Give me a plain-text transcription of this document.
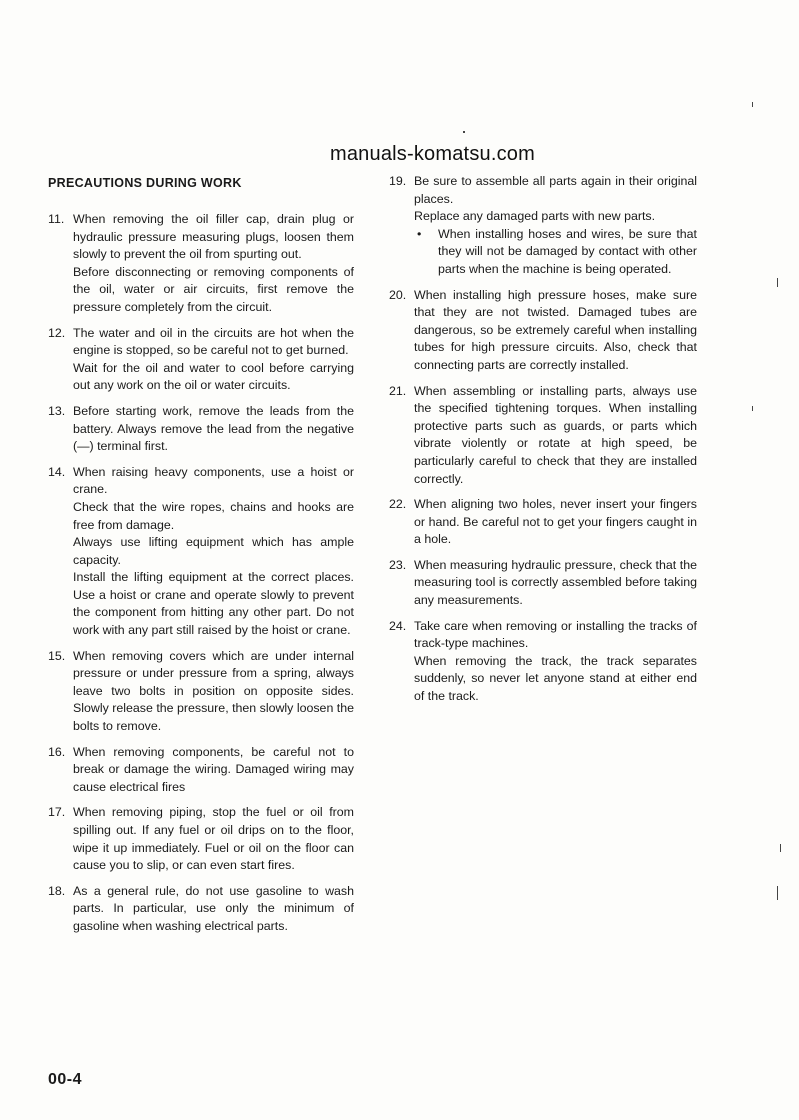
manuals-komatsu.com
PRECAUTIONS DURING WORK
11. When removing the oil filler cap, drain plug or hydraulic pressure measuring plugs, loosen them slowly to prevent the oil from spurting out.

Before disconnecting or removing components of the oil, water or air circuits, first remove the pressure completely from the circuit.

12. The water and oil in the circuits are hot when the engine is stopped, so be careful not to get burned.

Wait for the oil and water to cool before carrying out any work on the oil or water circuits.

13. Before starting work, remove the leads from the battery. Always remove the lead from the negative (—) terminal first.

14. When raising heavy components, use a hoist or crane.

Check that the wire ropes, chains and hooks are free from damage.

Always use lifting equipment which has ample capacity.

Install the lifting equipment at the correct places. Use a hoist or crane and operate slowly to prevent the component from hitting any other part. Do not work with any part still raised by the hoist or crane.

15. When removing covers which are under internal pressure or under pressure from a spring, always leave two bolts in position on opposite sides. Slowly release the pressure, then slowly loosen the bolts to remove.

16. When removing components, be careful not to break or damage the wiring. Damaged wiring may cause electrical fires

17. When removing piping, stop the fuel or oil from spilling out. If any fuel or oil drips on to the floor, wipe it up immediately. Fuel or oil on the floor can cause you to slip, or can even start fires.

18. As a general rule, do not use gasoline to wash parts. In particular, use only the minimum of gasoline when washing electrical parts.

19. Be sure to assemble all parts again in their original places.

Replace any damaged parts with new parts.

• When installing hoses and wires, be sure that they will not be damaged by contact with other parts when the machine is being operated.

20. When installing high pressure hoses, make sure that they are not twisted. Damaged tubes are dangerous, so be extremely careful when installing tubes for high pressure circuits. Also, check that connecting parts are correctly installed.

21. When assembling or installing parts, always use the specified tightening torques. When installing protective parts such as guards, or parts which vibrate violently or rotate at high speed, be particularly careful to check that they are installed correctly.

22. When aligning two holes, never insert your fingers or hand. Be careful not to get your fingers caught in a hole.

23. When measuring hydraulic pressure, check that the measuring tool is correctly assembled before taking any measurements.

24. Take care when removing or installing the tracks of track-type machines.

When removing the track, the track separates suddenly, so never let anyone stand at either end of the track.

00-4
